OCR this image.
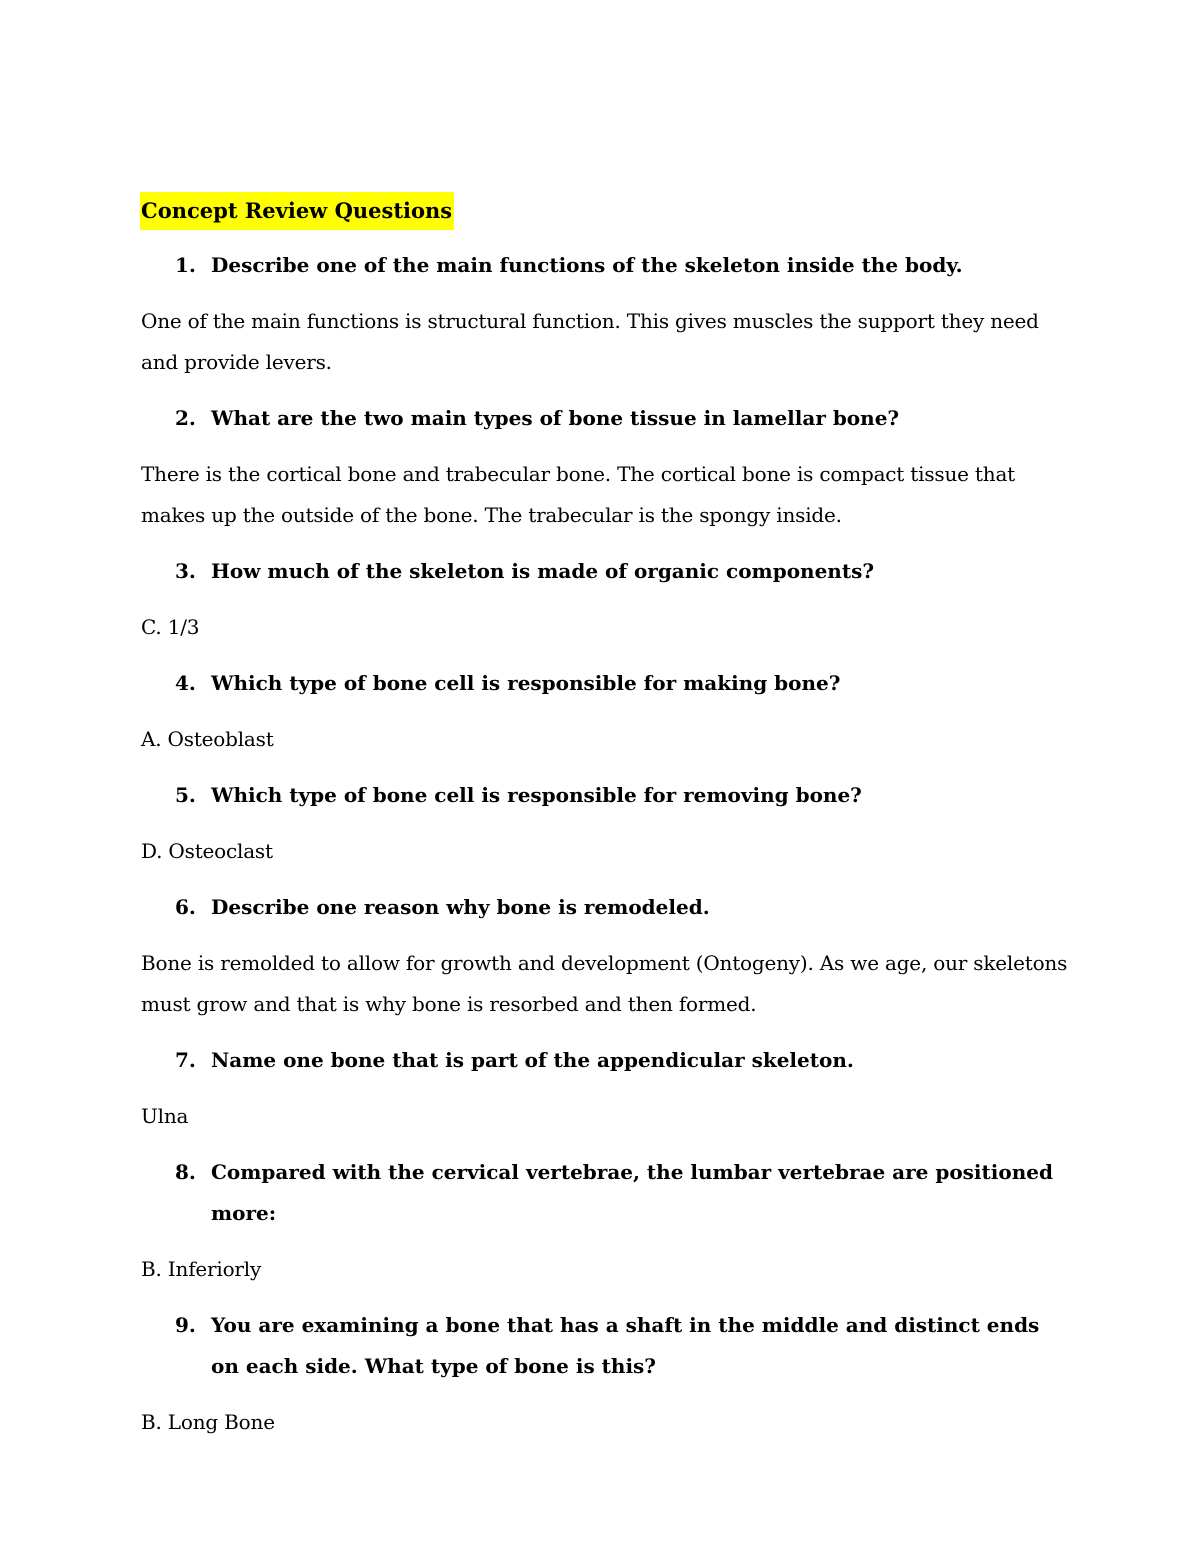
Concept Review Questions
1. Describe one of the main functions of the skeleton inside the body.
One of the main functions is structural function. This gives muscles the support they need and provide levers.
2. What are the two main types of bone tissue in lamellar bone?
There is the cortical bone and trabecular bone. The cortical bone is compact tissue that makes up the outside of the bone. The trabecular is the spongy inside.
3. How much of the skeleton is made of organic components?
C. 1/3
4. Which type of bone cell is responsible for making bone?
A. Osteoblast
5. Which type of bone cell is responsible for removing bone?
D. Osteoclast
6. Describe one reason why bone is remodeled.
Bone is remolded to allow for growth and development (Ontogeny). As we age, our skeletons must grow and that is why bone is resorbed and then formed.
7. Name one bone that is part of the appendicular skeleton.
Ulna
8. Compared with the cervical vertebrae, the lumbar vertebrae are positioned more:
B. Inferiorly
9. You are examining a bone that has a shaft in the middle and distinct ends on each side. What type of bone is this?
B. Long Bone
